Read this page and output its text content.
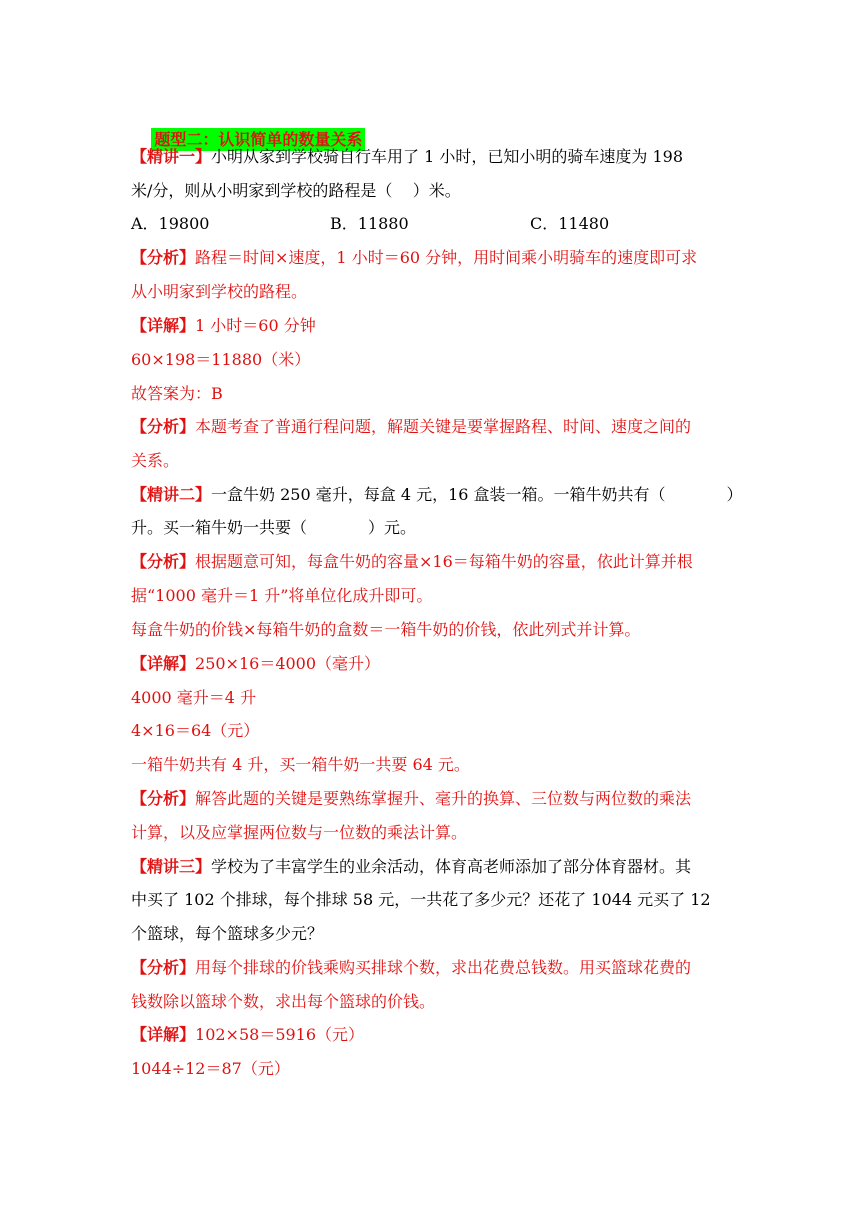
题型二：认识简单的数量关系

【精讲一】小明从家到学校骑自行车用了 1 小时，已知小明的骑车速度为 198
米/分，则从小明家到学校的路程是（    ）米。
A．19800	B．11880	C．11480
【分析】路程＝时间×速度，1 小时＝60 分钟，用时间乘小明骑车的速度即可求
从小明家到学校的路程。
【详解】1 小时＝60 分钟
60×198＝11880（米）
故答案为：B
【分析】本题考查了普通行程问题，解题关键是要掌握路程、时间、速度之间的
关系。
【精讲二】一盒牛奶 250 毫升，每盒 4 元，16 盒装一箱。一箱牛奶共有（            ）
升。买一箱牛奶一共要（            ）元。
【分析】根据题意可知，每盒牛奶的容量×16＝每箱牛奶的容量，依此计算并根
据“1000 毫升＝1 升”将单位化成升即可。
每盒牛奶的价钱×每箱牛奶的盒数＝一箱牛奶的价钱，依此列式并计算。
【详解】250×16＝4000（毫升）
4000 毫升＝4 升
4×16＝64（元）
一箱牛奶共有 4 升，买一箱牛奶一共要 64 元。
【分析】解答此题的关键是要熟练掌握升、毫升的换算、三位数与两位数的乘法
计算，以及应掌握两位数与一位数的乘法计算。
【精讲三】学校为了丰富学生的业余活动，体育高老师添加了部分体育器材。其
中买了 102 个排球，每个排球 58 元，一共花了多少元？还花了 1044 元买了 12
个篮球，每个篮球多少元？
【分析】用每个排球的价钱乘购买排球个数，求出花费总钱数。用买篮球花费的
钱数除以篮球个数，求出每个篮球的价钱。
【详解】102×58＝5916（元）
1044÷12＝87（元）
